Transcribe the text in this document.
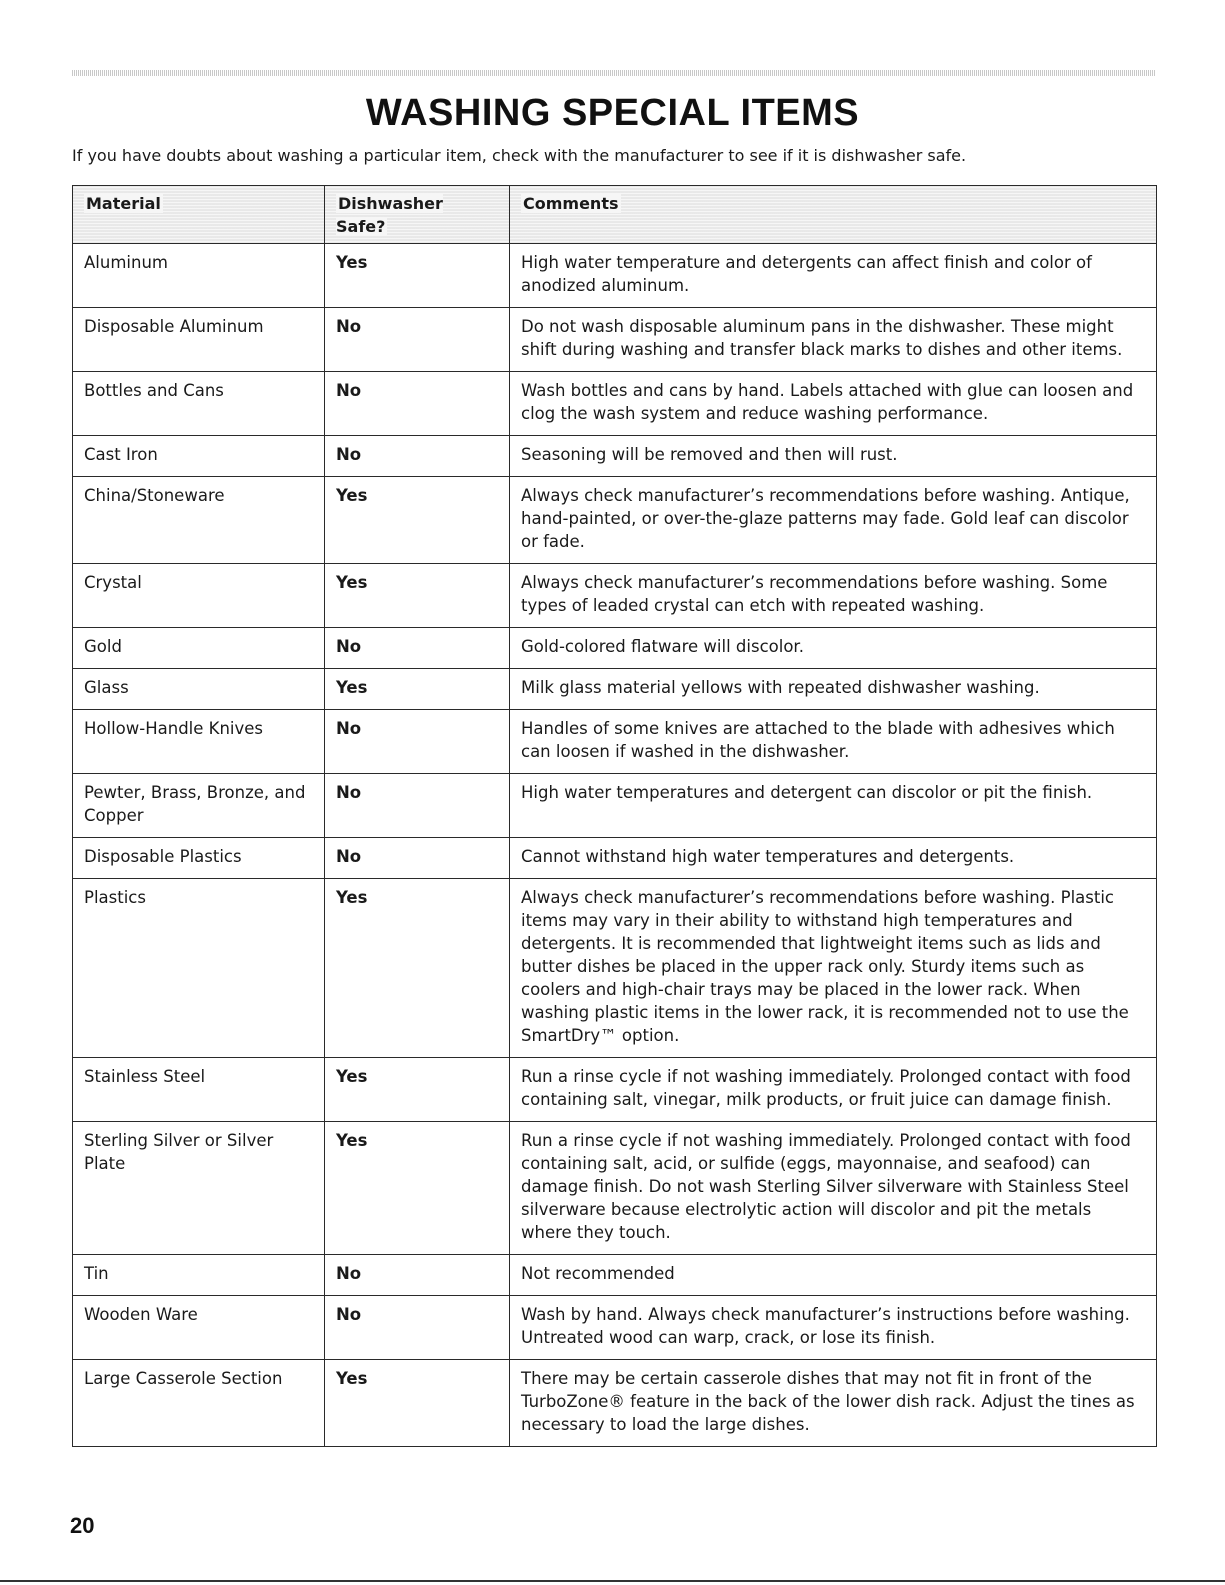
WASHING SPECIAL ITEMS

If you have doubts about washing a particular item, check with the manufacturer to see if it is dishwasher safe.

Material	Dishwasher Safe?	Comments
Aluminum	Yes	High water temperature and detergents can affect finish and color of anodized aluminum.
Disposable Aluminum	No	Do not wash disposable aluminum pans in the dishwasher. These might shift during washing and transfer black marks to dishes and other items.
Bottles and Cans	No	Wash bottles and cans by hand. Labels attached with glue can loosen and clog the wash system and reduce washing performance.
Cast Iron	No	Seasoning will be removed and then will rust.
China/Stoneware	Yes	Always check manufacturer’s recommendations before washing. Antique, hand-painted, or over-the-glaze patterns may fade. Gold leaf can discolor or fade.
Crystal	Yes	Always check manufacturer’s recommendations before washing. Some types of leaded crystal can etch with repeated washing.
Gold	No	Gold-colored flatware will discolor.
Glass	Yes	Milk glass material yellows with repeated dishwasher washing.
Hollow-Handle Knives	No	Handles of some knives are attached to the blade with adhesives which can loosen if washed in the dishwasher.
Pewter, Brass, Bronze, and Copper	No	High water temperatures and detergent can discolor or pit the finish.
Disposable Plastics	No	Cannot withstand high water temperatures and detergents.
Plastics	Yes	Always check manufacturer’s recommendations before washing. Plastic items may vary in their ability to withstand high temperatures and detergents. It is recommended that lightweight items such as lids and butter dishes be placed in the upper rack only. Sturdy items such as coolers and high-chair trays may be placed in the lower rack. When washing plastic items in the lower rack, it is recommended not to use the SmartDry™ option.
Stainless Steel	Yes	Run a rinse cycle if not washing immediately. Prolonged contact with food containing salt, vinegar, milk products, or fruit juice can damage finish.
Sterling Silver or Silver Plate	Yes	Run a rinse cycle if not washing immediately. Prolonged contact with food containing salt, acid, or sulfide (eggs, mayonnaise, and seafood) can damage finish. Do not wash Sterling Silver silverware with Stainless Steel silverware because electrolytic action will discolor and pit the metals where they touch.
Tin	No	Not recommended
Wooden Ware	No	Wash by hand. Always check manufacturer’s instructions before washing. Untreated wood can warp, crack, or lose its finish.
Large Casserole Section	Yes	There may be certain casserole dishes that may not fit in front of the TurboZone® feature in the back of the lower dish rack. Adjust the tines as necessary to load the large dishes.
20
